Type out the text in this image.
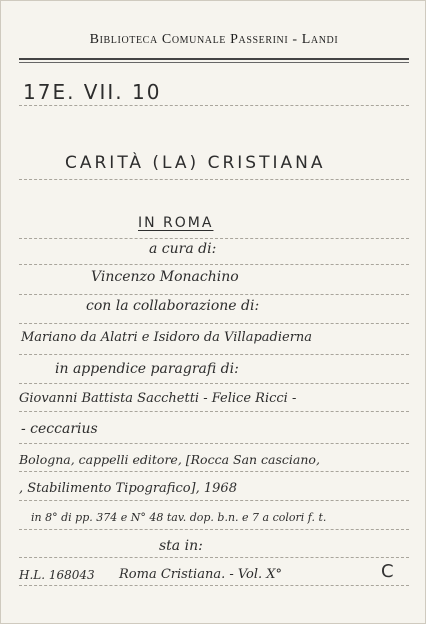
Biblioteca Comunale Passerini - Landi
17E. VII. 10
CARITÀ (LA) CRISTIANA
IN ROMA
a cura di:
Vincenzo Monachino
con la collaborazione di:
Mariano da Alatri e Isidoro da Villapadierna
in appendice paragrafi di:
Giovanni Battista Sacchetti - Felice Ricci -
- ceccarius
Bologna, cappelli editore, [Rocca San casciano,
, Stabilimento Tipografico], 1968
in 8° di pp. 374 e N° 48 tav. dop. b.n. e 7 a colori f. t.
sta in:
H.L. 168043 Roma Cristiana. - Vol. X°	C
